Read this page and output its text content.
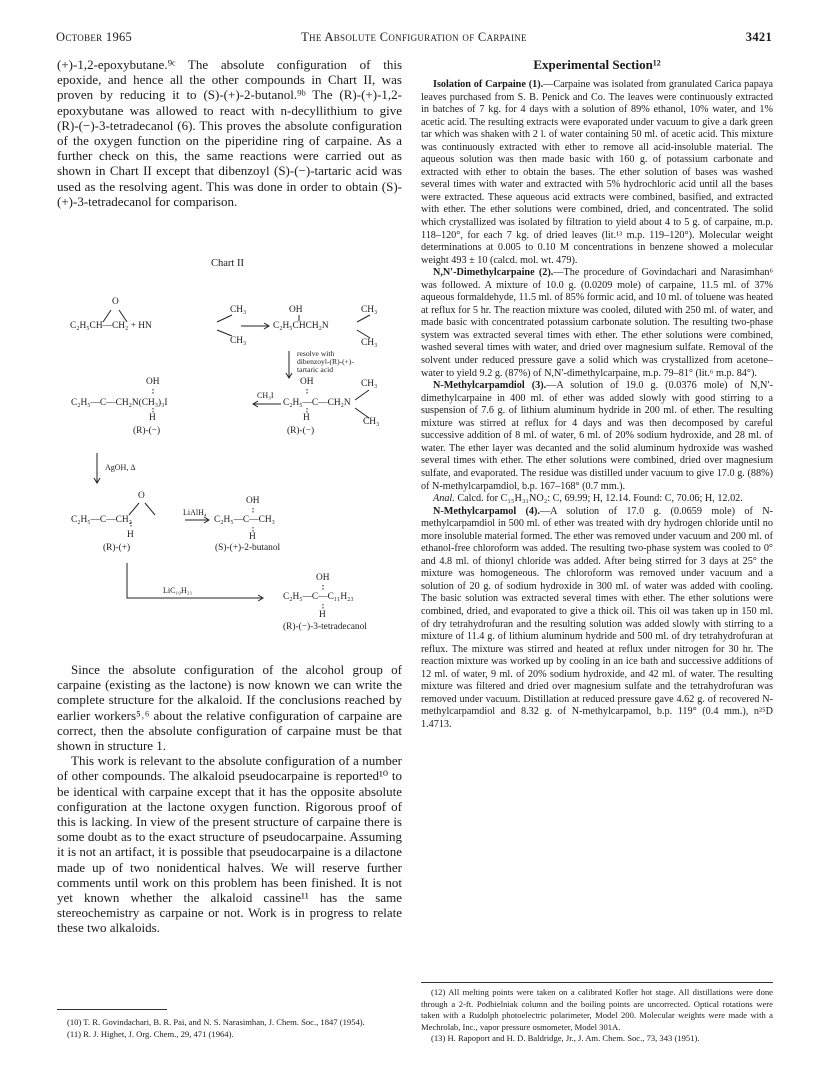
October 1965	The Absolute Configuration of Carpaine	3421

(+)-1,2-epoxybutane.⁹ᶜ The absolute configuration of this epoxide, and hence all the other compounds in Chart II, was proven by reducing it to (S)-(+)-2-butanol.⁹ᵇ The (R)-(+)-1,2-epoxybutane was allowed to react with n-decyllithium to give (R)-(−)-3-tetradecanol (6). This proves the absolute configuration of the oxygen function on the piperidine ring of carpaine. As a further check on this, the same reactions were carried out as shown in Chart II except that dibenzoyl (S)-(−)-tartaric acid was used as the resolving agent. This was done in order to obtain (S)-(+)-3-tetradecanol for comparison.

Chart II
O
CH₃	OH	CH₃
C₂H₅CH—CH₂ + HN	C₂H₅CHCH₂N
CH₃	CH₃
resolve with
dibenzoyl-(R)-(+)-
tartaric acid
OH
CH₃I
OH	CH₃
C₂H₅—C—CH₂N(CH₃)₃I	C₂H₅—C—CH₂N
H	H	CH₃
(R)-(−)	(R)-(−)
AgOH, Δ
O	OH
LiAlH₄
C₂H₅—C—CH₂	C₂H₅—C—CH₃
H	H
(R)-(+)	(S)-(+)-2-butanol
OH
LiC₁₀H₂₁
C₂H₅—C—C₁₁H₂₃
H
(R)-(−)-3-tetradecanol

Since the absolute configuration of the alcohol group of carpaine (existing as the lactone) is now known we can write the complete structure for the alkaloid. If the conclusions reached by earlier workers⁵˒⁶ about the relative configuration of carpaine are correct, then the absolute configuration of carpaine must be that shown in structure 1.

This work is relevant to the absolute configuration of a number of other compounds. The alkaloid pseudocarpaine is reported¹⁰ to be identical with carpaine except that it has the opposite absolute configuration at the lactone oxygen function. Rigorous proof of this is lacking. In view of the present structure of carpaine there is some doubt as to the exact structure of pseudocarpaine. Assuming it is not an artifact, it is possible that pseudocarpaine is a dilactone made up of two nonidentical halves. We will reserve further comments until work on this problem has been finished. It is not yet known whether the alkaloid cassine¹¹ has the same stereochemistry as carpaine or not. Work is in progress to relate these two alkaloids.

(10) T. R. Govindachari, B. R. Pai, and N. S. Narasimhan, J. Chem. Soc., 1847 (1954).

(11) R. J. Highet, J. Org. Chem., 29, 471 (1964).

Experimental Section¹²

Isolation of Carpaine (1).—Carpaine was isolated from granulated Carica papaya leaves purchased from S. B. Penick and Co. The leaves were continuously extracted in batches of 7 kg. for 4 days with a solution of 89% ethanol, 10% water, and 1% acetic acid. The resulting extracts were evaporated under vacuum to give a dark green tar which was shaken with 2 l. of water containing 50 ml. of acetic acid. This mixture was continuously extracted with ether to remove all acid-insoluble material. The aqueous solution was then made basic with 160 g. of potassium carbonate and extracted with ether to obtain the bases. The ether solution of bases was washed several times with water and extracted with 5% hydrochloric acid until all the bases were extracted. These aqueous acid extracts were combined, basified, and extracted with ether. The ether solutions were combined, dried, and concentrated. The solid which crystallized was isolated by filtration to yield about 4 to 5 g. of carpaine, m.p. 118–120°, for each 7 kg. of dried leaves (lit.¹³ m.p. 119–120°). Molecular weight determinations at 0.005 to 0.10 M concentrations in benzene showed a molecular weight 493 ± 10 (calcd. mol. wt. 479).

N,N′-Dimethylcarpaine (2).—The procedure of Govindachari and Narasimhan⁶ was followed. A mixture of 10.0 g. (0.0209 mole) of carpaine, 11.5 ml. of 37% aqueous formaldehyde, 11.5 ml. of 85% formic acid, and 10 ml. of toluene was heated at reflux for 5 hr. The reaction mixture was cooled, diluted with 250 ml. of water, and made basic with concentrated potassium carbonate solution. The resulting two-phase system was extracted several times with ether. The ether solutions were combined, washed several times with water, and dried over magnesium sulfate. Removal of the solvent under reduced pressure gave a solid which was crystallized from acetone–water to yield 9.2 g. (87%) of N,N′-dimethylcarpaine, m.p. 79–81° (lit.⁶ m.p. 84°).

N-Methylcarpamdiol (3).—A solution of 19.0 g. (0.0376 mole) of N,N′-dimethylcarpaine in 400 ml. of ether was added slowly with good stirring to a suspension of 7.6 g. of lithium aluminum hydride in 200 ml. of ether. The resulting mixture was stirred at reflux for 4 days and was then decomposed by careful successive addition of 8 ml. of water, 6 ml. of 20% sodium hydroxide, and 28 ml. of water. The ether layer was decanted and the solid aluminum hydroxide was washed several times with ether. The ether solutions were combined, dried over magnesium sulfate, and evaporated. The residue was distilled under vacuum to give 17.0 g. (88%) of N-methylcarpamdiol, b.p. 167–168° (0.7 mm.).

Anal. Calcd. for C₁₅H₃₁NO₂: C, 69.99; H, 12.14. Found: C, 70.06; H, 12.02.

N-Methylcarpamol (4).—A solution of 17.0 g. (0.0659 mole) of N-methylcarpamdiol in 500 ml. of ether was treated with dry hydrogen chloride until no more insoluble material formed. The ether was removed under vacuum and 200 ml. of ethanol-free chloroform was added. The resulting two-phase system was cooled to 0° and 4.8 ml. of thionyl chloride was added. After being stirred for 3 days at 25° the mixture was homogeneous. The chloroform was removed under vacuum and a solution of 20 g. of sodium hydroxide in 300 ml. of water was added with cooling. The basic solution was extracted several times with ether. The ether solutions were combined, dried, and evaporated to give a thick oil. This oil was taken up in 150 ml. of dry tetrahydrofuran and the resulting solution was added slowly with stirring to a mixture of 11.4 g. of lithium aluminum hydride and 500 ml. of dry tetrahydrofuran at reflux. The mixture was stirred and heated at reflux under nitrogen for 30 hr. The reaction mixture was worked up by cooling in an ice bath and successive additions of 12 ml. of water, 9 ml. of 20% sodium hydroxide, and 42 ml. of water. The resulting mixture was filtered and dried over magnesium sulfate and the tetrahydrofuran was removed under vacuum. Distillation at reduced pressure gave 4.62 g. of recovered N-methylcarpamdiol and 8.32 g. of N-methylcarpamol, b.p. 119° (0.4 mm.), n²⁵D 1.4713.

(12) All melting points were taken on a calibrated Kofler hot stage. All distillations were done through a 2-ft. Podbielniak column and the boiling points are uncorrected. Optical rotations were taken with a Rudolph photoelectric polarimeter, Model 200. Molecular weights were made with a Mechrolab, Inc., vapor pressure osmometer, Model 301A.

(13) H. Rapoport and H. D. Baldridge, Jr., J. Am. Chem. Soc., 73, 343 (1951).
